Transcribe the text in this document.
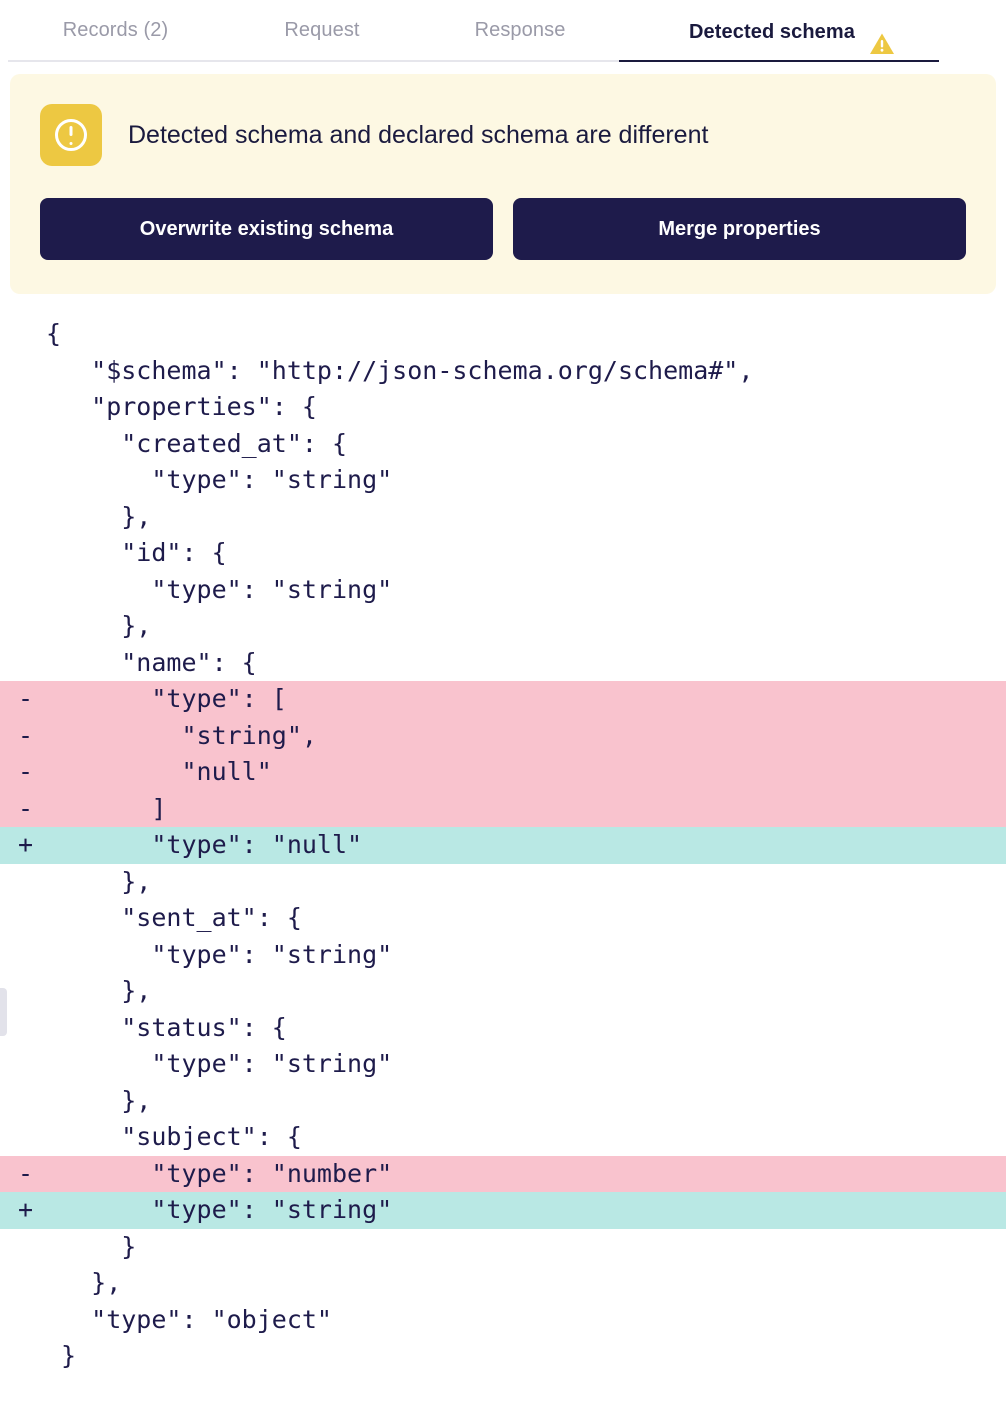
Records (2)	Request	Response	Detected schema
Detected schema and declared schema are different
Overwrite existing schema	Merge properties
{
"$schema": "http://json-schema.org/schema#",
"properties": {
"created_at": {
"type": "string"
},
"id": {
"type": "string"
},
"name": {
- "type": [
- "string",
- "null"
- ]
+ "type": "null"
},
"sent_at": {
"type": "string"
},
"status": {
"type": "string"
},
"subject": {
- "type": "number"
+ "type": "string"
}
},
"type": "object"
}
